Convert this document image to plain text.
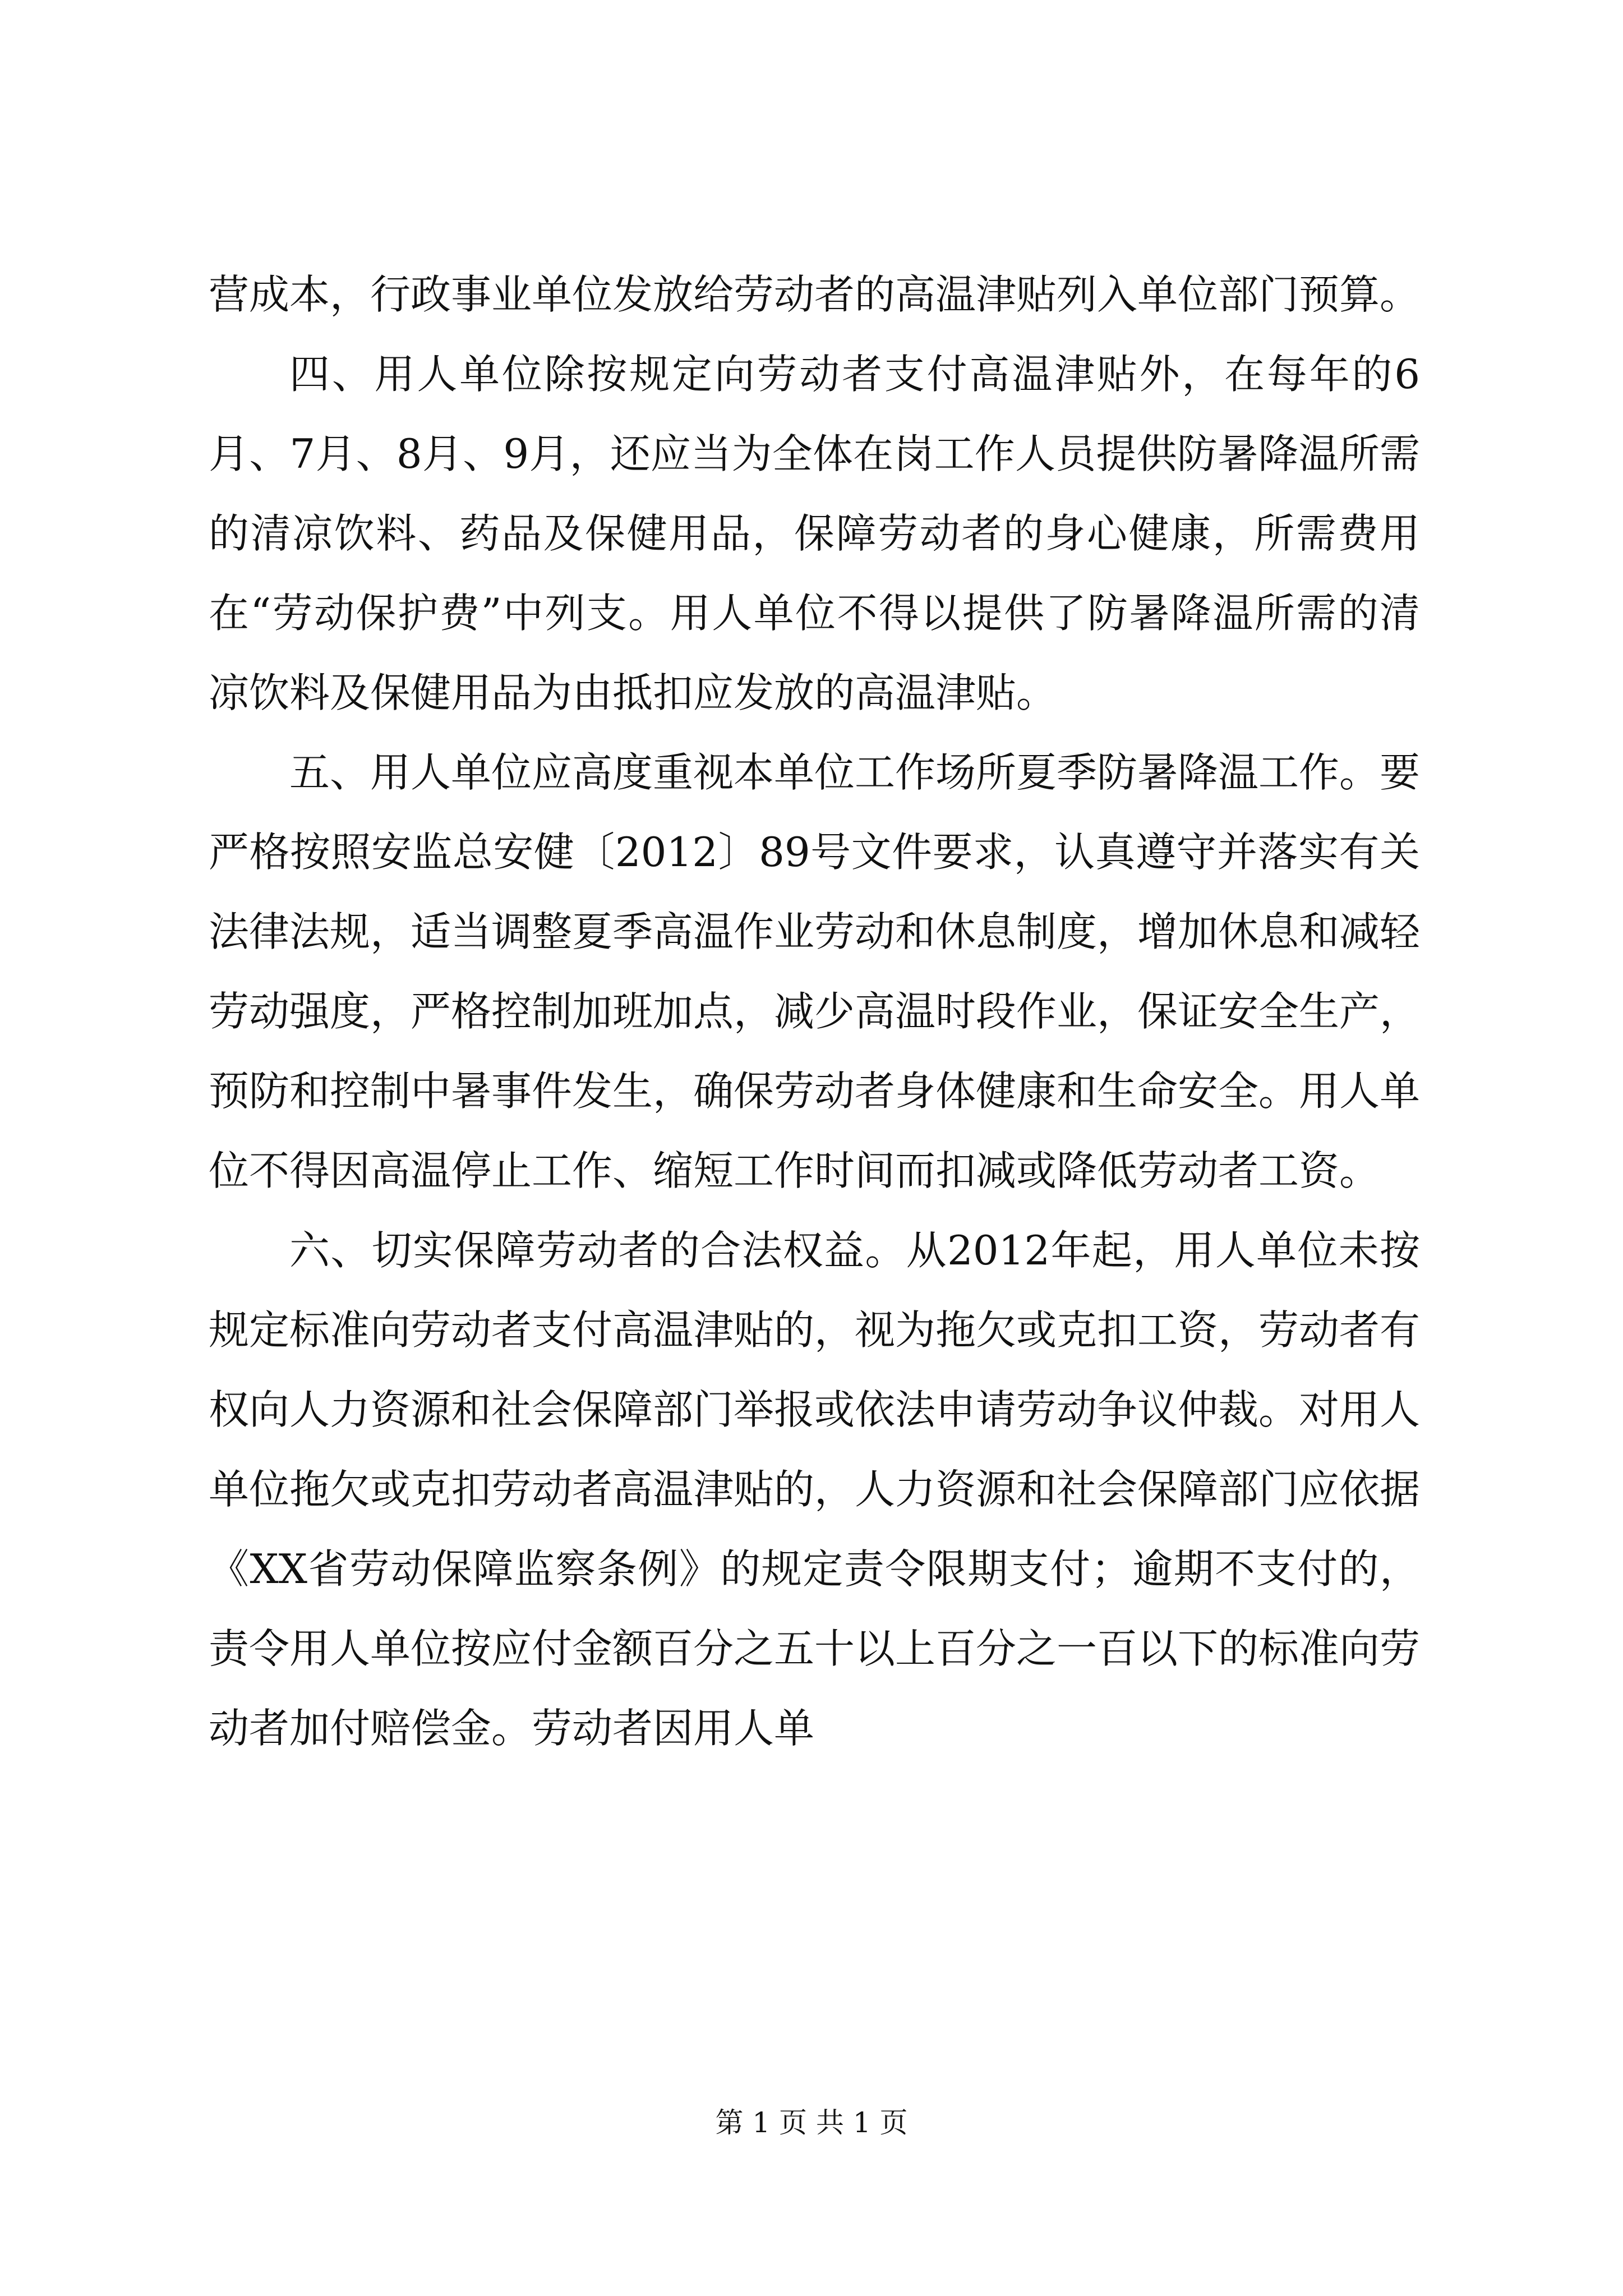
营成本，行政事业单位发放给劳动者的高温津贴列入单位部门预算。

四、用人单位除按规定向劳动者支付高温津贴外，在每年的6月、7月、8月、9月，还应当为全体在岗工作人员提供防暑降温所需的清凉饮料、药品及保健用品，保障劳动者的身心健康，所需费用在“劳动保护费”中列支。用人单位不得以提供了防暑降温所需的清凉饮料及保健用品为由抵扣应发放的高温津贴。

五、用人单位应高度重视本单位工作场所夏季防暑降温工作。要严格按照安监总安健〔2012〕89号文件要求，认真遵守并落实有关法律法规，适当调整夏季高温作业劳动和休息制度，增加休息和减轻劳动强度，严格控制加班加点，减少高温时段作业，保证安全生产，预防和控制中暑事件发生，确保劳动者身体健康和生命安全。用人单位不得因高温停止工作、缩短工作时间而扣减或降低劳动者工资。

六、切实保障劳动者的合法权益。从2012年起，用人单位未按规定标准向劳动者支付高温津贴的，视为拖欠或克扣工资，劳动者有权向人力资源和社会保障部门举报或依法申请劳动争议仲裁。对用人单位拖欠或克扣劳动者高温津贴的，人力资源和社会保障部门应依据《XX省劳动保障监察条例》的规定责令限期支付；逾期不支付的，责令用人单位按应付金额百分之五十以上百分之一百以下的标准向劳动者加付赔偿金。劳动者因用人单

第 1 页 共 1 页
